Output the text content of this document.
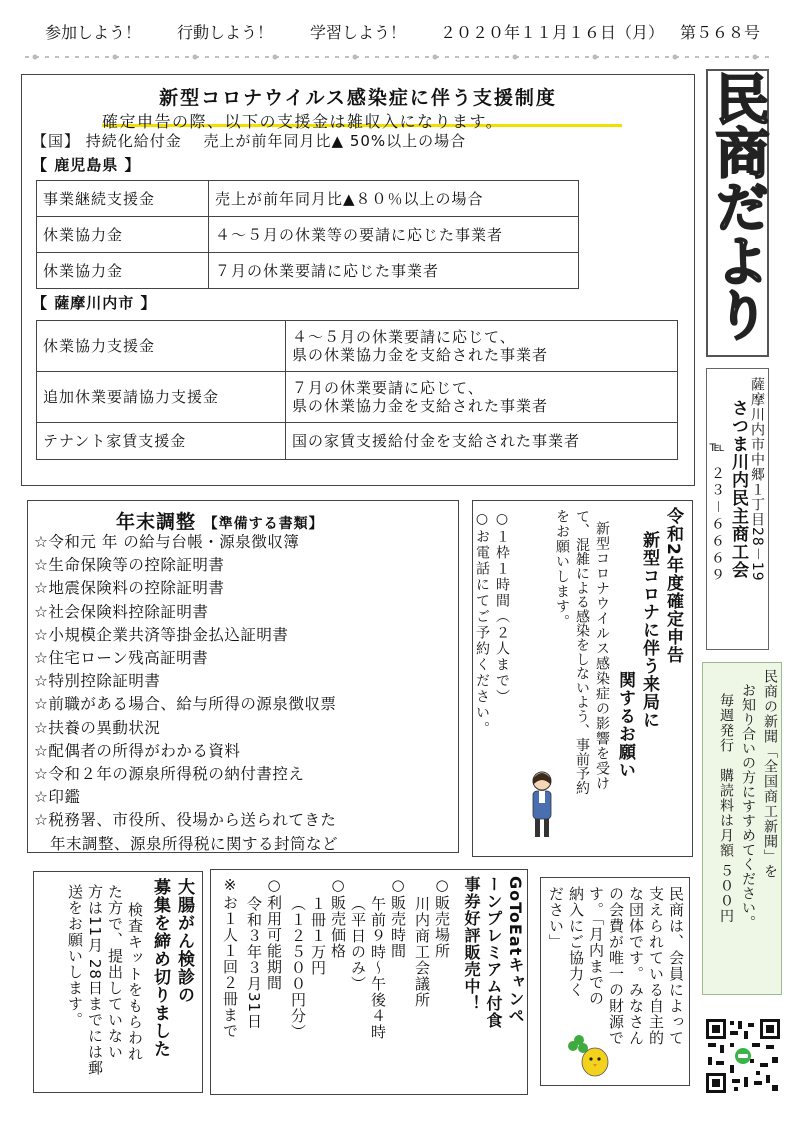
参加しよう！ 行動しよう！ 学習しよう！ ２０２０年１１月１６日（月） 第５６８号
新型コロナウイルス感染症に伴う支援制度
確定申告の際、以下の支援金は雑収入になります。
【国】 持続化給付金　 売上が前年同月比▲ 50%以上の場合
【 鹿児島県 】
事業継続支援金	売上が前年同月比▲８０％以上の場合
休業協力金	４～５月の休業等の要請に応じた事業者
休業協力金	７月の休業要請に応じた事業者
【 薩摩川内市 】
休業協力支援金	４～５月の休業要請に応じて、
県の休業協力金を支給された事業者

追加休業要請協力支援金	７月の休業要請に応じて、
県の休業協力金を支給された事業者

テナント家賃支援金	国の家賃支援給付金を支給された事業者
年末調整 【準備する書類】
☆令和元 年 の給与台帳・源泉徴収簿
☆生命保険等の控除証明書
☆地震保険料の控除証明書
☆社会保険料控除証明書
☆小規模企業共済等掛金払込証明書
☆住宅ローン残高証明書
☆特別控除証明書
☆前職がある場合、給与所得の源泉徴収票
☆扶養の異動状況
☆配偶者の所得がわかる資料
☆令和２年の源泉所得税の納付書控え
☆印鑑
☆税務署、市役所、役場から送られてきた
　年末調整、源泉所得税に関する封筒など
令和2年度確定申告
新型コロナに伴う来局に
関するお願い
新型コロナウイルス感染症の影響を受け
て、混雑による感染をしないよう、事前予約
をお願いします。
○１枠１時間（２人まで）
○お電話にてご予約ください。
民商だより
薩摩川内市中郷１丁目28－19
さつま川内民主商工会
℡ ２３－６６６９
民商の新聞「全国商工新聞」を
お知り合いの方にすすめてください。
毎週発行　購読料は月額 ５００円
大腸がん検診の
募集を締め切りました
検査キットをもらわれ
た方で、提出していない
方は11月 28日までには郵
送をお願いします。	GoToEatキャンペ
ーンプレミアム付食
事券好評販売中！
○販売場所
川内商工会議所
○販売時間
午前９時～午後４時
（平日のみ）
○販売価格
１冊１万円
（１２５００円分）
○利用可能期間
令和３年３月31日
※お１人１回２冊まで	民商は、会員によって
支えられている自主的
な団体です。みなさん
の会費が唯一の財源で
す。「月内までの
納入にご協力く
ださい」
